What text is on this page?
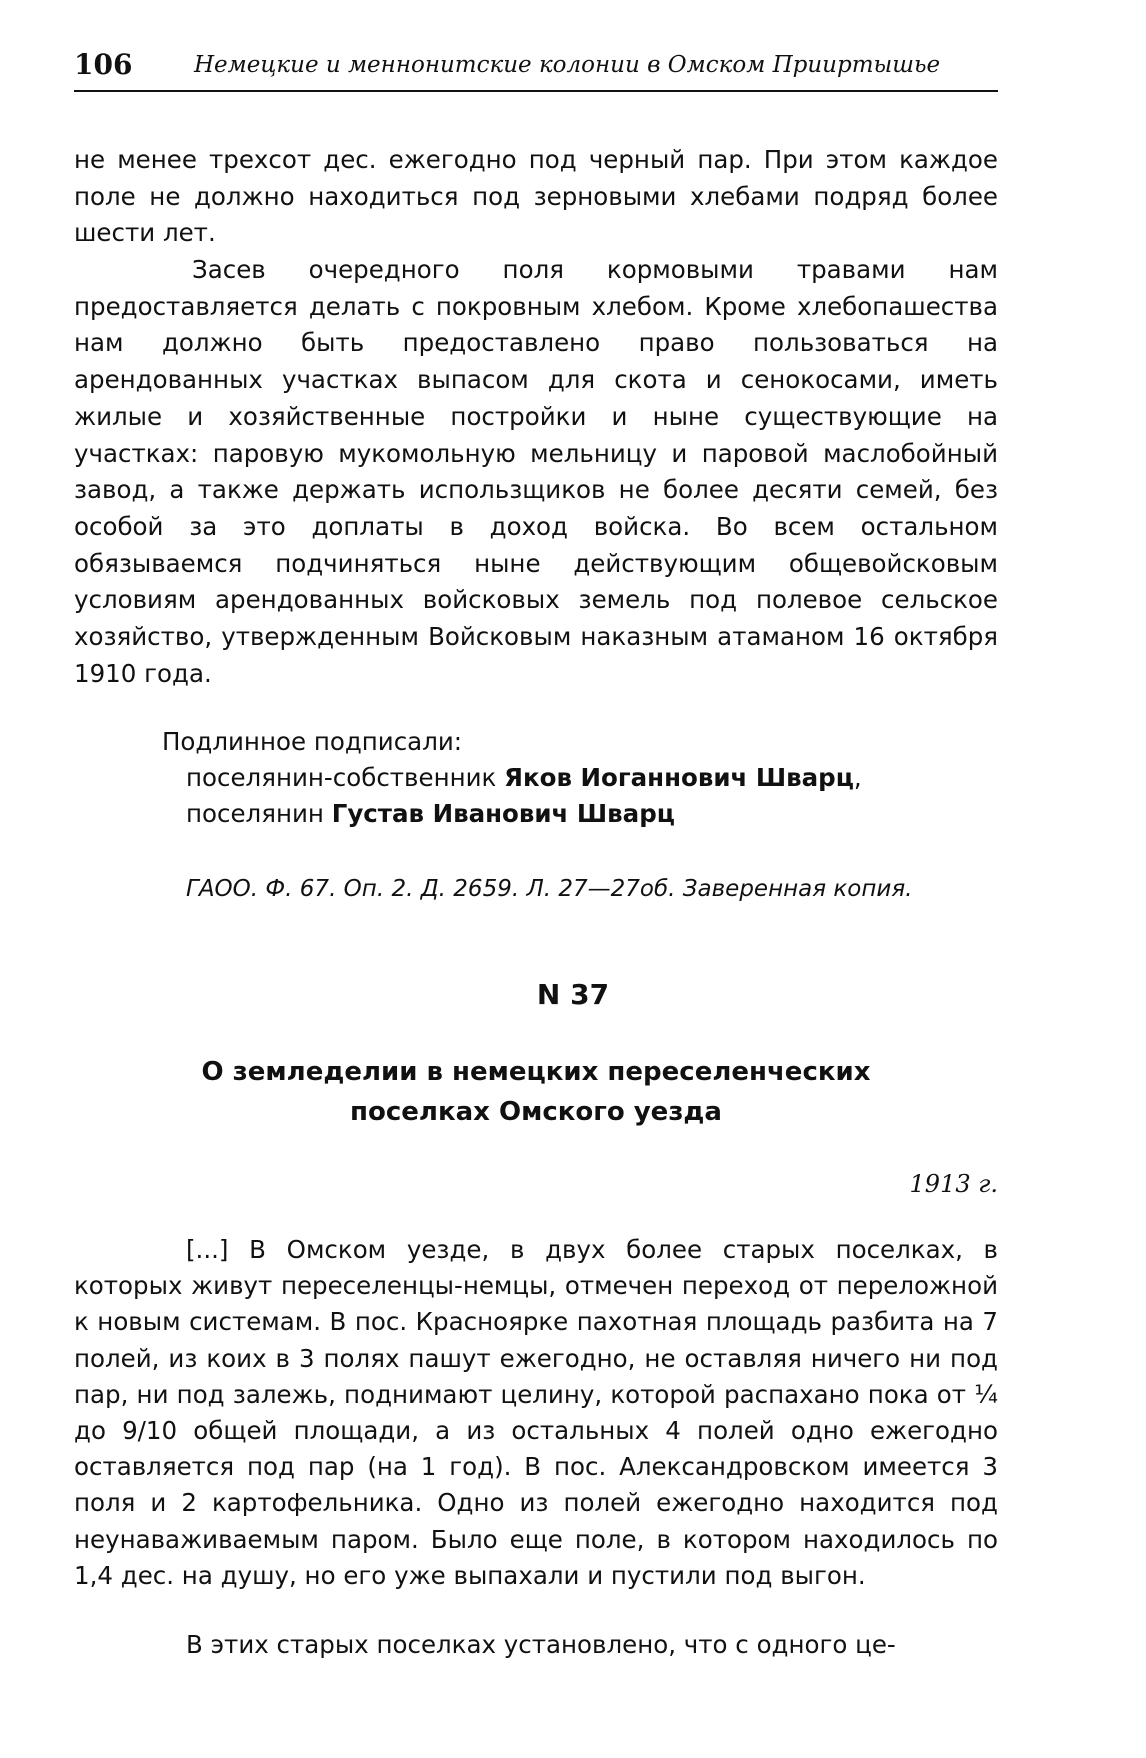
106	Немецкие и меннонитские колонии в Омском Прииртышье

не менее трехсот дес. ежегодно под черный пар. При этом каждое поле не должно находиться под зерновыми хлебами подряд более шести лет.

Засев очередного поля кормовыми травами нам предоставляется делать с покровным хлебом. Кроме хлебопашества нам должно быть предоставлено право пользоваться на арендованных участках выпасом для скота и сенокосами, иметь жилые и хозяйственные постройки и ныне существующие на участках: паровую мукомольную мельницу и паровой маслобойный завод, а также держать использщиков не более десяти семей, без особой за это доплаты в доход войска. Во всем остальном обязываемся подчиняться ныне действующим общевойсковым условиям арендованных войсковых земель под полевое сельское хозяйство, утвержденным Войсковым наказным атаманом 16 октября 1910 года.

Подлинное подписали:
поселянин-собственник Яков Иоганнович Шварц,
поселянин Густав Иванович Шварц
ГАОО. Ф. 67. Оп. 2. Д. 2659. Л. 27—27об. Заверенная копия.
N 37
О земледелии в немецких переселенческих
поселках Омского уезда
1913 г.

[...] В Омском уезде, в двух более старых поселках, в которых живут переселенцы-немцы, отмечен переход от переложной к новым системам. В пос. Красноярке пахотная площадь разбита на 7 полей, из коих в 3 полях пашут ежегодно, не оставляя ничего ни под пар, ни под залежь, поднимают целину, которой распахано пока от ¼ до 9/10 общей площади, а из остальных 4 полей одно ежегодно оставляется под пар (на 1 год). В пос. Александровском имеется 3 поля и 2 картофельника. Одно из полей ежегодно находится под неунаваживаемым паром. Было еще поле, в котором находилось по 1,4 дес. на душу, но его уже выпахали и пустили под выгон.

В этих старых поселках установлено, что с одного це-
